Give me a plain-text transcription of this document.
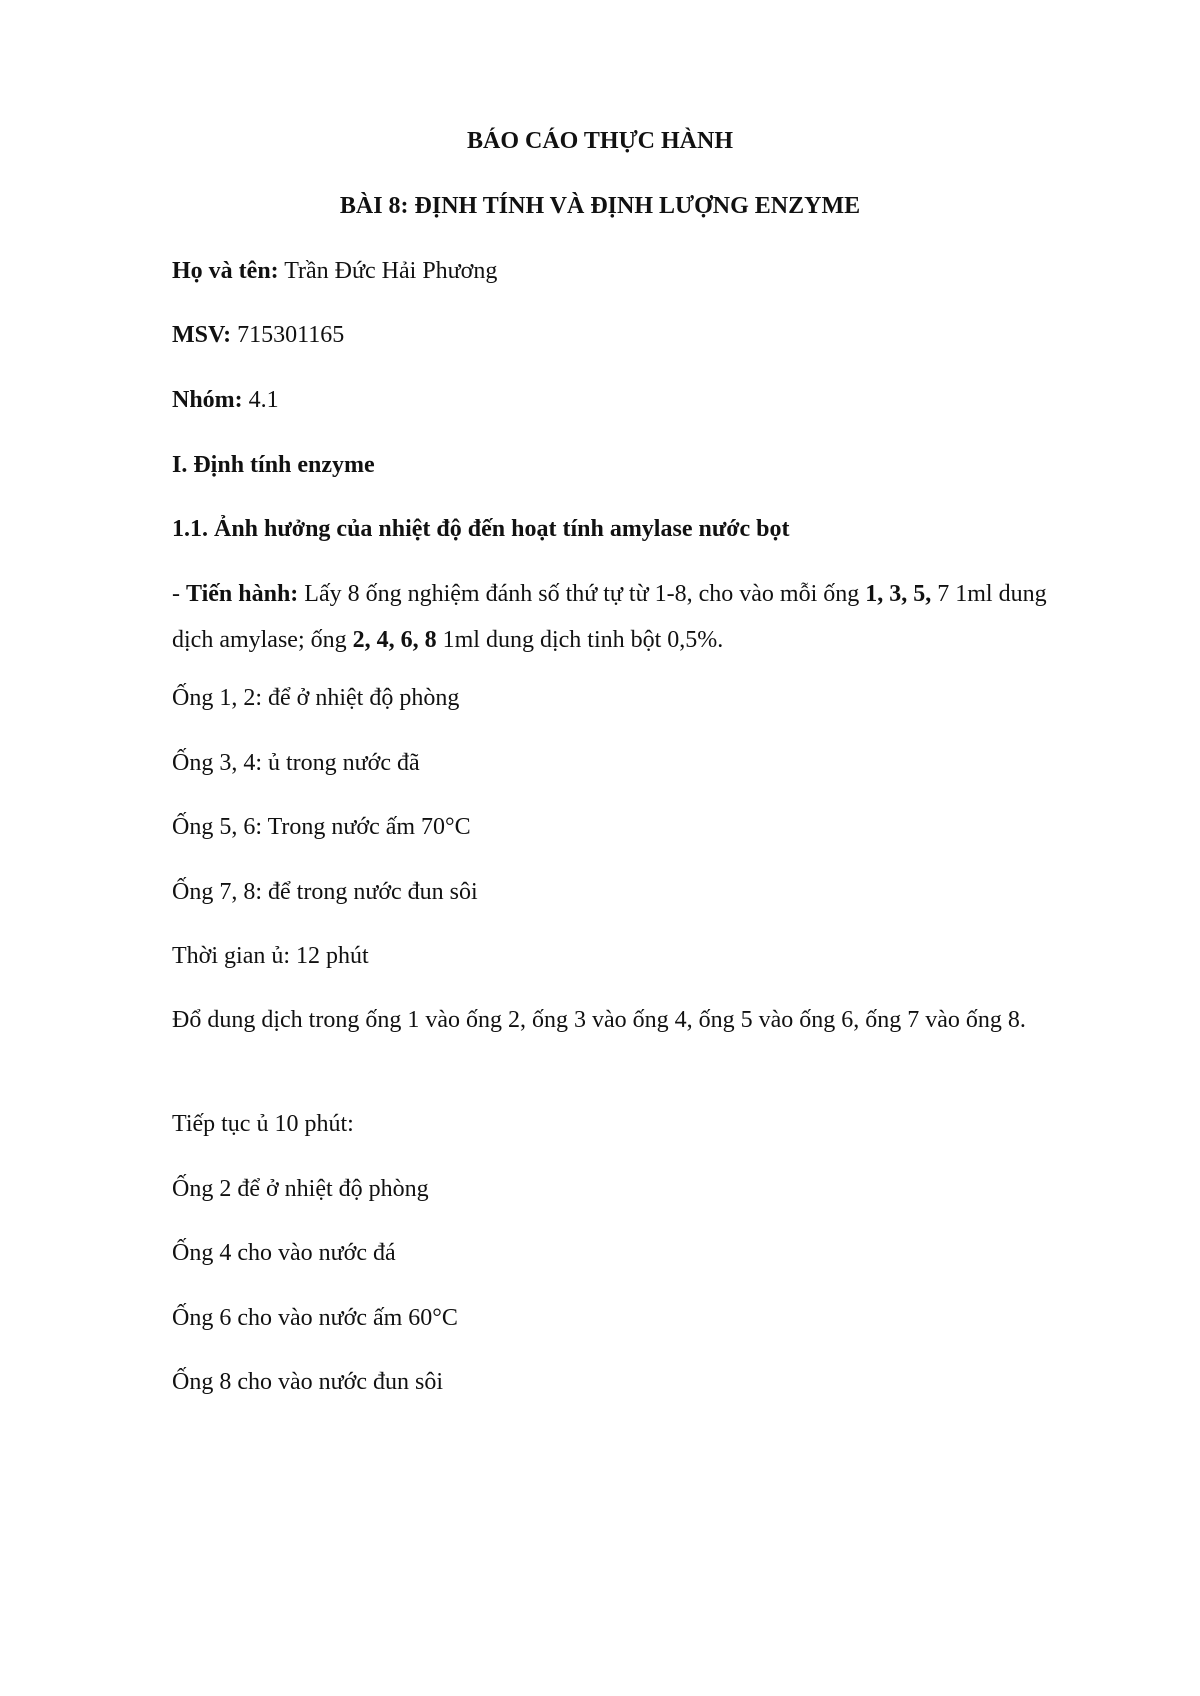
BÁO CÁO THỰC HÀNH
BÀI 8: ĐỊNH TÍNH VÀ ĐỊNH LƯỢNG ENZYME
Họ và tên: Trần Đức Hải Phương
MSV: 715301165
Nhóm: 4.1
I. Định tính enzyme
1.1. Ảnh hưởng của nhiệt độ đến hoạt tính amylase nước bọt
- Tiến hành: Lấy 8 ống nghiệm đánh số thứ tự từ 1-8, cho vào mỗi ống 1, 3, 5, 7 1ml dung dịch amylase; ống 2, 4, 6, 8 1ml dung dịch tinh bột 0,5%.
Ống 1, 2: để ở nhiệt độ phòng
Ống 3, 4: ủ trong nước đã
Ống 5, 6: Trong nước ấm 70°C
Ống 7, 8: để trong nước đun sôi
Thời gian ủ: 12 phút
Đổ dung dịch trong ống 1 vào ống 2, ống 3 vào ống 4, ống 5 vào ống 6, ống 7 vào ống 8.
Tiếp tục ủ 10 phút:
Ống 2 để ở nhiệt độ phòng
Ống 4 cho vào nước đá
Ống 6 cho vào nước ấm 60°C
Ống 8 cho vào nước đun sôi
